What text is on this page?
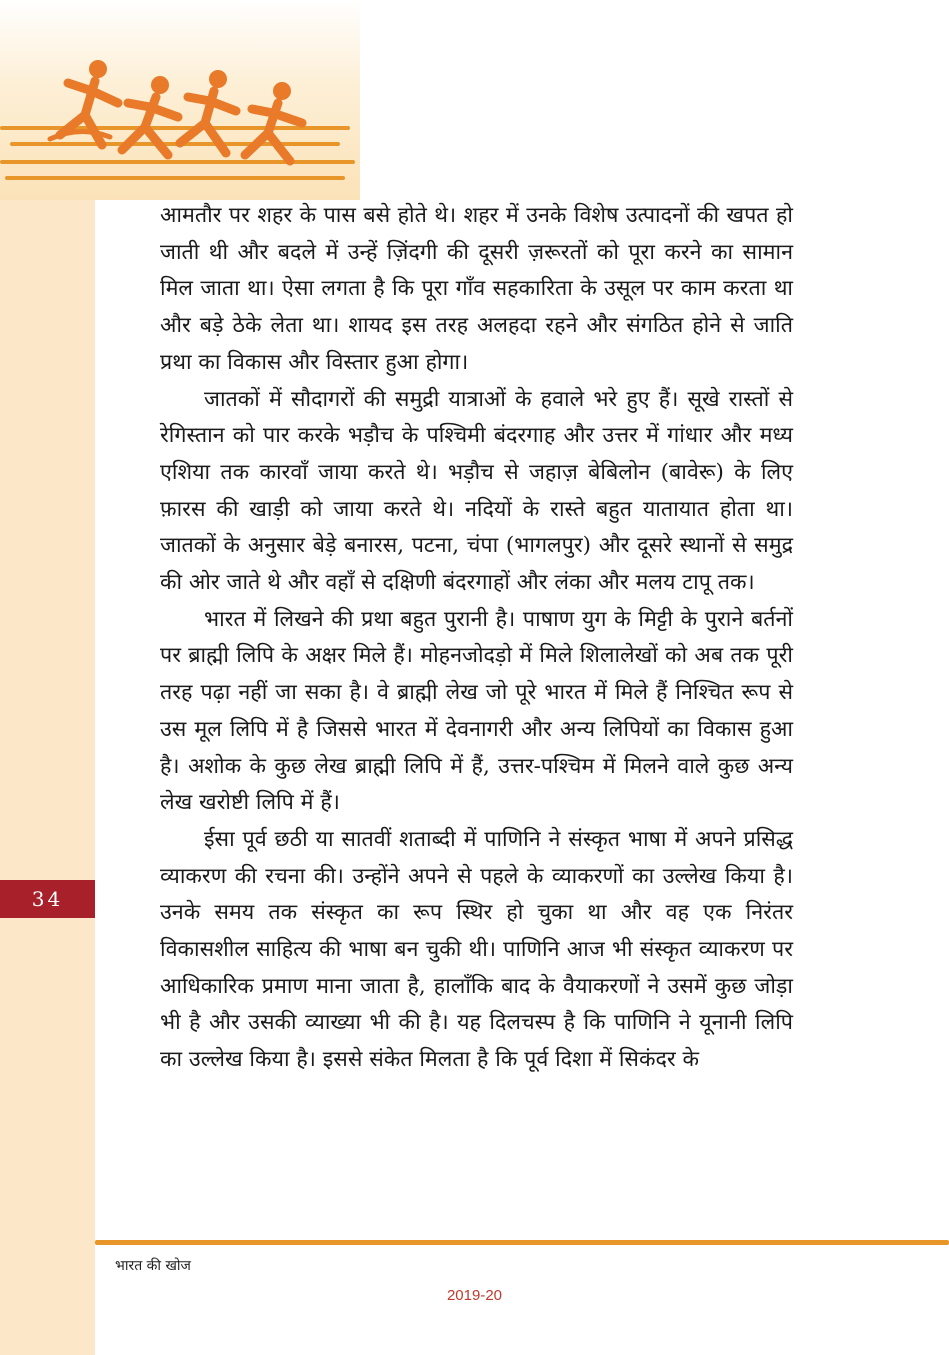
34

आमतौर पर शहर के पास बसे होते थे। शहर में उनके विशेष उत्पादनों की खपत हो जाती थी और बदले में उन्हें ज़िंदगी की दूसरी ज़रूरतों को पूरा करने का सामान मिल जाता था। ऐसा लगता है कि पूरा गाँव सहकारिता के उसूल पर काम करता था और बड़े ठेके लेता था। शायद इस तरह अलहदा रहने और संगठित होने से जाति प्रथा का विकास और विस्तार हुआ होगा।

जातकों में सौदागरों की समुद्री यात्राओं के हवाले भरे हुए हैं। सूखे रास्तों से रेगिस्तान को पार करके भड़ौच के पश्चिमी बंदरगाह और उत्तर में गांधार और मध्य एशिया तक कारवाँ जाया करते थे। भड़ौच से जहाज़ बेबिलोन (बावेरू) के लिए फ़ारस की खाड़ी को जाया करते थे। नदियों के रास्ते बहुत यातायात होता था। जातकों के अनुसार बेड़े बनारस, पटना, चंपा (भागलपुर) और दूसरे स्थानों से समुद्र की ओर जाते थे और वहाँ से दक्षिणी बंदरगाहों और लंका और मलय टापू तक।

भारत में लिखने की प्रथा बहुत पुरानी है। पाषाण युग के मिट्टी के पुराने बर्तनों पर ब्राह्मी लिपि के अक्षर मिले हैं। मोहनजोदड़ो में मिले शिलालेखों को अब तक पूरी तरह पढ़ा नहीं जा सका है। वे ब्राह्मी लेख जो पूरे भारत में मिले हैं निश्चित रूप से उस मूल लिपि में है जिससे भारत में देवनागरी और अन्य लिपियों का विकास हुआ है। अशोक के कुछ लेख ब्राह्मी लिपि में हैं, उत्तर-पश्चिम में मिलने वाले कुछ अन्य लेख खरोष्टी लिपि में हैं।

ईसा पूर्व छठी या सातवीं शताब्दी में पाणिनि ने संस्कृत भाषा में अपने प्रसिद्ध व्याकरण की रचना की। उन्होंने अपने से पहले के व्याकरणों का उल्लेख किया है। उनके समय तक संस्कृत का रूप स्थिर हो चुका था और वह एक निरंतर विकासशील साहित्य की भाषा बन चुकी थी। पाणिनि आज भी संस्कृत व्याकरण पर आधिकारिक प्रमाण माना जाता है, हालाँकि बाद के वैयाकरणों ने उसमें कुछ जोड़ा भी है और उसकी व्याख्या भी की है। यह दिलचस्प है कि पाणिनि ने यूनानी लिपि का उल्लेख किया है। इससे संकेत मिलता है कि पूर्व दिशा में सिकंदर के

भारत की खोज
2019-20
